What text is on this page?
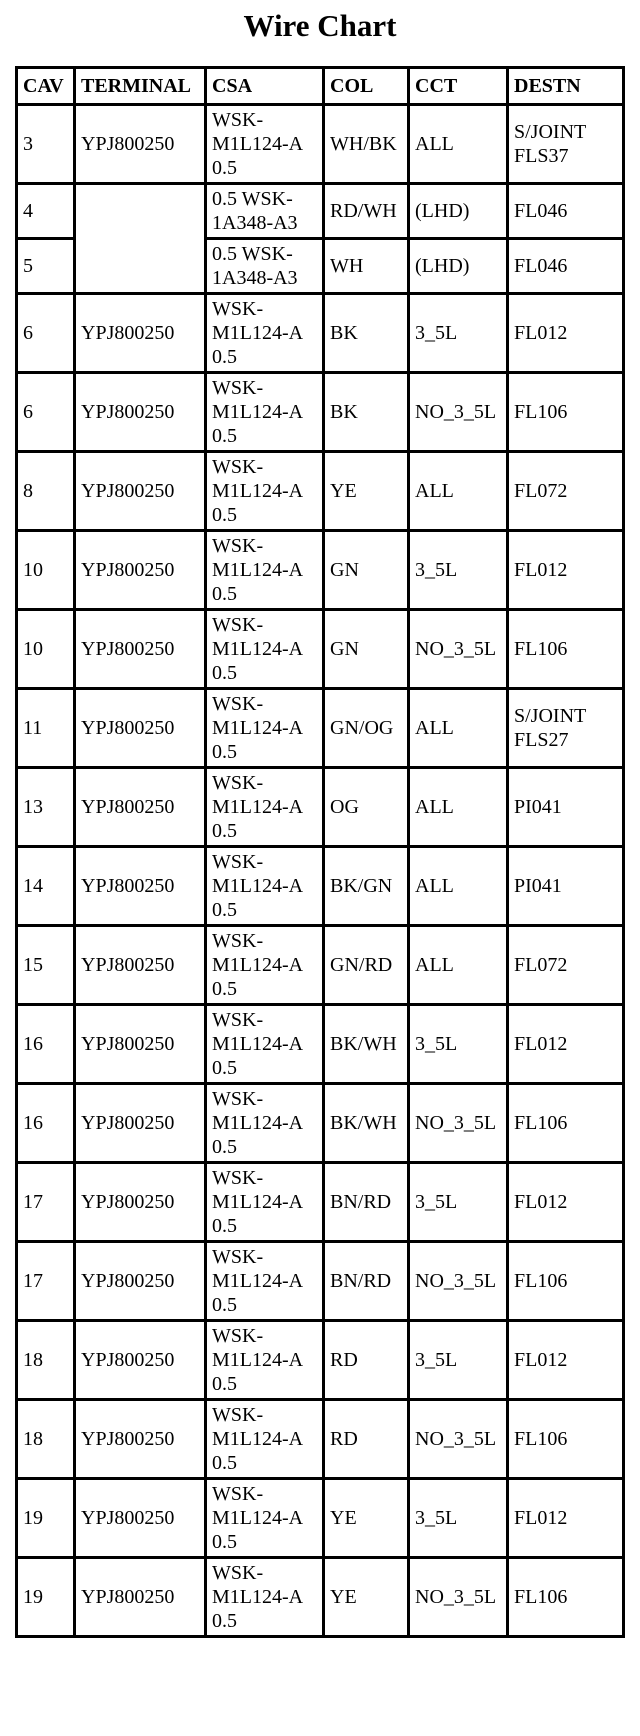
Wire Chart
CAV	TERMINAL	CSA	COL	CCT	DESTN
3	YPJ800250	WSK-M1L124-A 0.5	WH/BK	ALL	S/JOINT FLS37
4		0.5 WSK-1A348-A3	RD/WH	(LHD)	FL046
5		0.5 WSK-1A348-A3	WH	(LHD)	FL046
6	YPJ800250	WSK-M1L124-A 0.5	BK	3_5L	FL012
6	YPJ800250	WSK-M1L124-A 0.5	BK	NO_3_5L	FL106
8	YPJ800250	WSK-M1L124-A 0.5	YE	ALL	FL072
10	YPJ800250	WSK-M1L124-A 0.5	GN	3_5L	FL012
10	YPJ800250	WSK-M1L124-A 0.5	GN	NO_3_5L	FL106
11	YPJ800250	WSK-M1L124-A 0.5	GN/OG	ALL	S/JOINT FLS27
13	YPJ800250	WSK-M1L124-A 0.5	OG	ALL	PI041
14	YPJ800250	WSK-M1L124-A 0.5	BK/GN	ALL	PI041
15	YPJ800250	WSK-M1L124-A 0.5	GN/RD	ALL	FL072
16	YPJ800250	WSK-M1L124-A 0.5	BK/WH	3_5L	FL012
16	YPJ800250	WSK-M1L124-A 0.5	BK/WH	NO_3_5L	FL106
17	YPJ800250	WSK-M1L124-A 0.5	BN/RD	3_5L	FL012
17	YPJ800250	WSK-M1L124-A 0.5	BN/RD	NO_3_5L	FL106
18	YPJ800250	WSK-M1L124-A 0.5	RD	3_5L	FL012
18	YPJ800250	WSK-M1L124-A 0.5	RD	NO_3_5L	FL106
19	YPJ800250	WSK-M1L124-A 0.5	YE	3_5L	FL012
19	YPJ800250	WSK-M1L124-A 0.5	YE	NO_3_5L	FL106
